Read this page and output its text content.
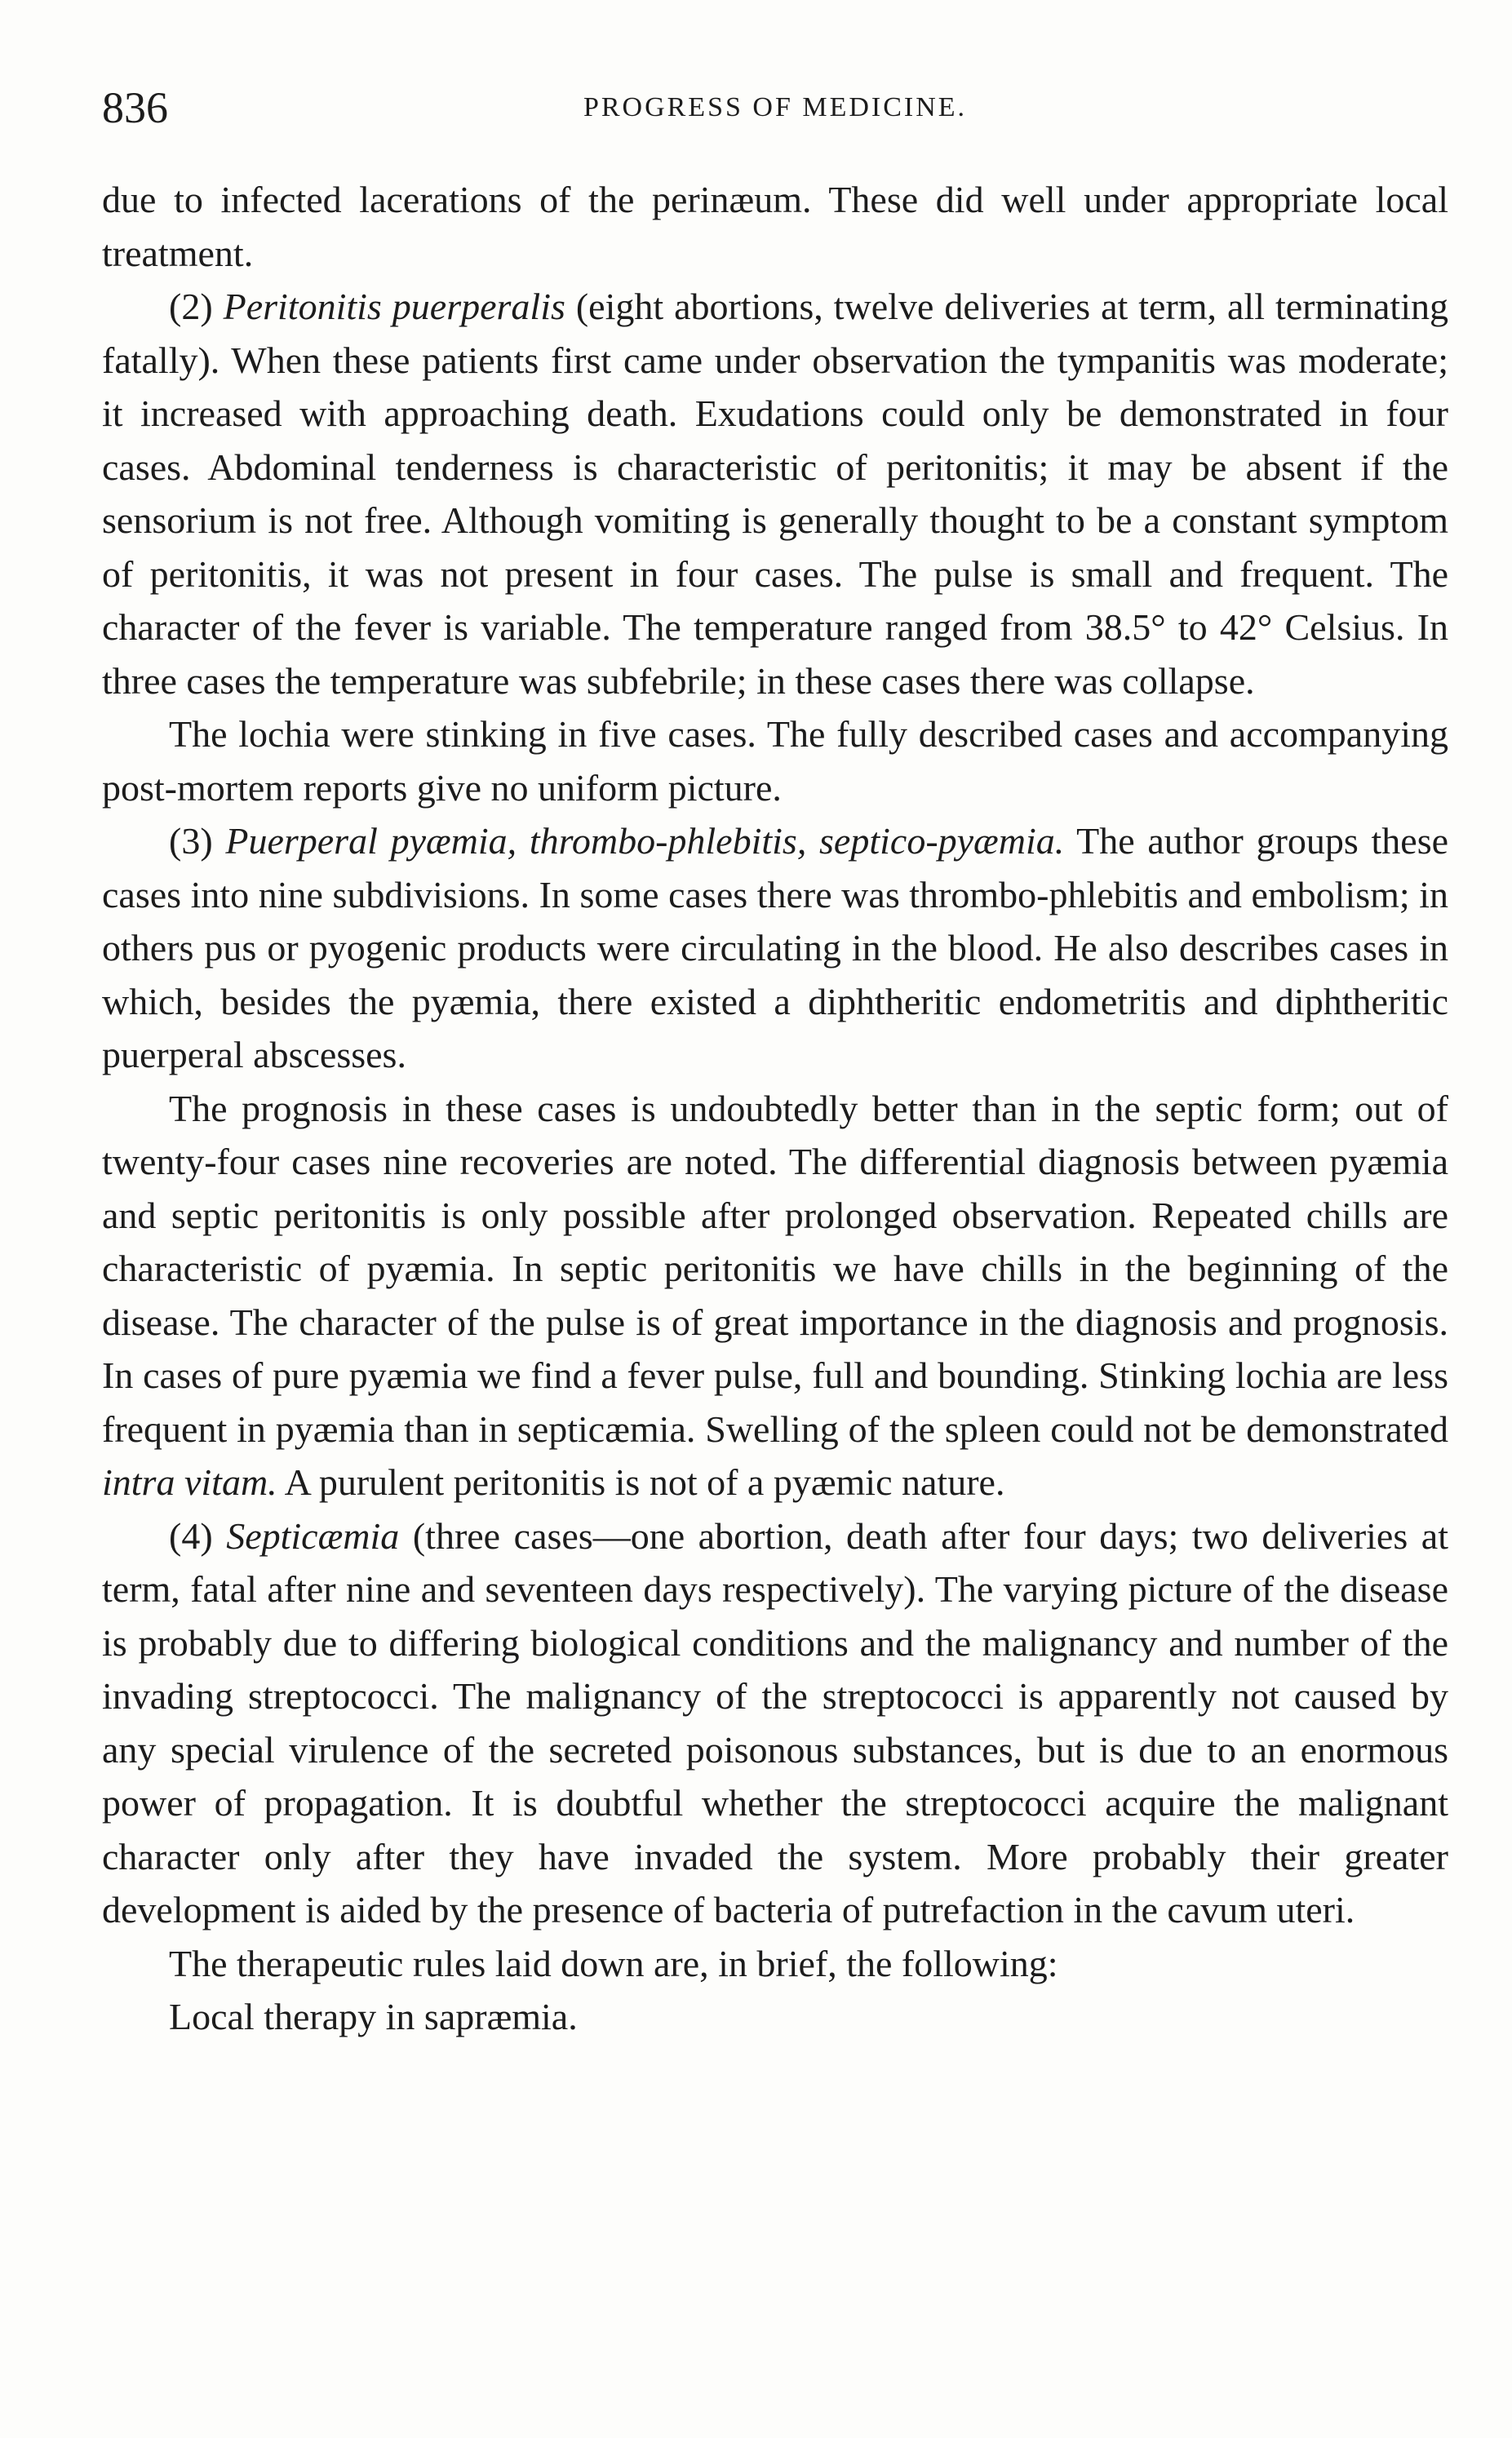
836	PROGRESS OF MEDICINE.

due to infected lacerations of the perinæum. These did well under appropriate local treatment.

(2) Peritonitis puerperalis (eight abortions, twelve deliveries at term, all terminating fatally). When these patients first came under observation the tympanitis was moderate; it increased with approaching death. Exudations could only be demonstrated in four cases. Abdominal tenderness is characteristic of peritonitis; it may be absent if the sensorium is not free. Although vomiting is generally thought to be a constant symptom of peritonitis, it was not present in four cases. The pulse is small and frequent. The character of the fever is variable. The temperature ranged from 38.5° to 42° Celsius. In three cases the temperature was subfebrile; in these cases there was collapse.

The lochia were stinking in five cases. The fully described cases and accompanying post-mortem reports give no uniform picture.

(3) Puerperal pyæmia, thrombo-phlebitis, septico-pyæmia. The author groups these cases into nine subdivisions. In some cases there was thrombo-phlebitis and embolism; in others pus or pyogenic products were circulating in the blood. He also describes cases in which, besides the pyæmia, there existed a diphtheritic endometritis and diphtheritic puerperal abscesses.

The prognosis in these cases is undoubtedly better than in the septic form; out of twenty-four cases nine recoveries are noted. The differential diagnosis between pyæmia and septic peritonitis is only possible after prolonged observation. Repeated chills are characteristic of pyæmia. In septic peritonitis we have chills in the beginning of the disease. The character of the pulse is of great importance in the diagnosis and prognosis. In cases of pure pyæmia we find a fever pulse, full and bounding. Stinking lochia are less frequent in pyæmia than in septicæmia. Swelling of the spleen could not be demonstrated intra vitam. A purulent peritonitis is not of a pyæmic nature.

(4) Septicæmia (three cases—one abortion, death after four days; two deliveries at term, fatal after nine and seventeen days respectively). The varying picture of the disease is probably due to differing biological conditions and the malignancy and number of the invading streptococci. The malignancy of the streptococci is apparently not caused by any special virulence of the secreted poisonous substances, but is due to an enormous power of propagation. It is doubtful whether the streptococci acquire the malignant character only after they have invaded the system. More probably their greater development is aided by the presence of bacteria of putrefaction in the cavum uteri.

The therapeutic rules laid down are, in brief, the following:

Local therapy in sapræmia.
